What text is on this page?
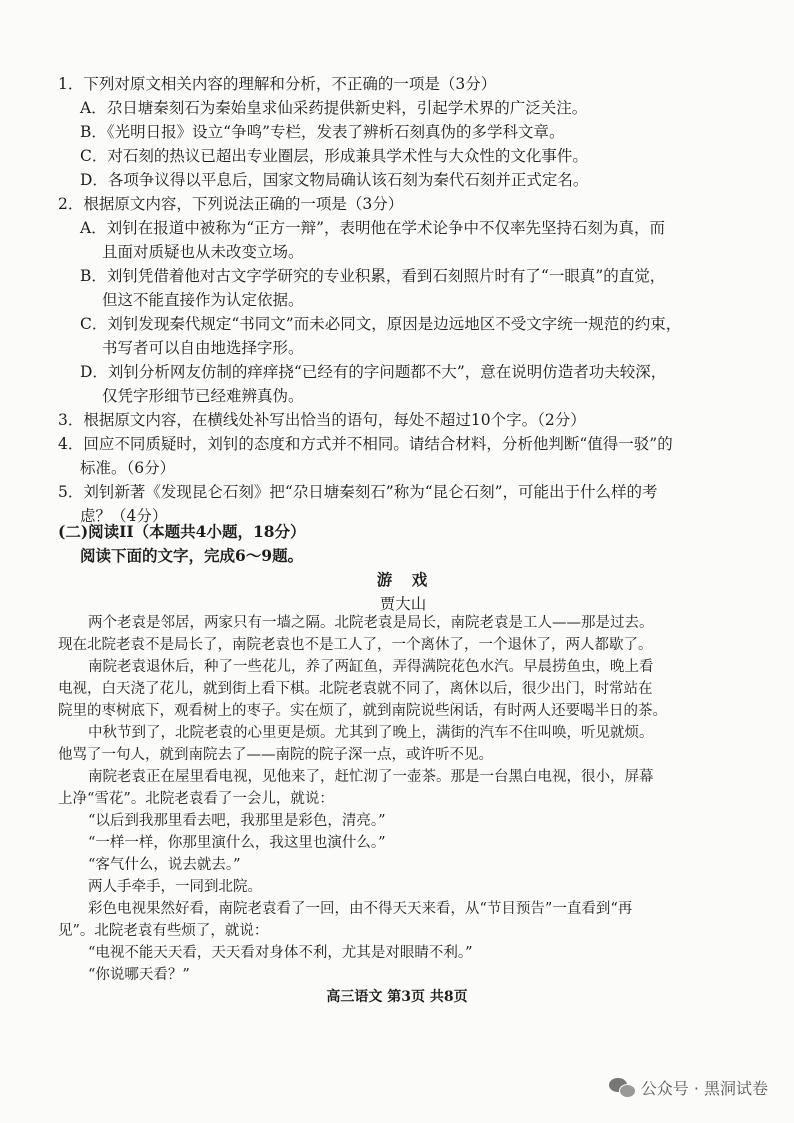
1．下列对原文相关内容的理解和分析，不正确的一项是（3分）
A．尕日塘秦刻石为秦始皇求仙采药提供新史料，引起学术界的广泛关注。
B．《光明日报》设立“争鸣”专栏，发表了辨析石刻真伪的多学科文章。
C．对石刻的热议已超出专业圈层，形成兼具学术性与大众性的文化事件。
D．各项争议得以平息后，国家文物局确认该石刻为秦代石刻并正式定名。
2．根据原文内容，下列说法正确的一项是（3分）
A．刘钊在报道中被称为“正方一辩”，表明他在学术论争中不仅率先坚持石刻为真，而
且面对质疑也从未改变立场。
B．刘钊凭借着他对古文字学研究的专业积累，看到石刻照片时有了“一眼真”的直觉，
但这不能直接作为认定依据。
C．刘钊发现秦代规定“书同文”而未必同文，原因是边远地区不受文字统一规范的约束，
书写者可以自由地选择字形。
D．刘钊分析网友仿制的痒痒挠“已经有的字问题都不大”，意在说明仿造者功夫较深，
仅凭字形细节已经难辨真伪。
3．根据原文内容，在横线处补写出恰当的语句，每处不超过10个字。（2分）
4．回应不同质疑时，刘钊的态度和方式并不相同。请结合材料，分析他判断“值得一驳”的
标准。（6分）
5．刘钊新著《发现昆仑石刻》把“尕日塘秦刻石”称为“昆仑石刻”，可能出于什么样的考
虑？（4分）
(二)阅读II（本题共4小题，18分）
阅读下面的文字，完成6～9题。
游　戏
贾大山
两个老袁是邻居，两家只有一墙之隔。北院老袁是局长，南院老袁是工人——那是过去。
现在北院老袁不是局长了，南院老袁也不是工人了，一个离休了，一个退休了，两人都歇了。
南院老袁退休后，种了一些花儿，养了两缸鱼，弄得满院花色水汽。早晨捞鱼虫，晚上看
电视，白天浇了花儿，就到街上看下棋。北院老袁就不同了，离休以后，很少出门，时常站在
院里的枣树底下，观看树上的枣子。实在烦了，就到南院说些闲话，有时两人还要喝半日的茶。
中秋节到了，北院老袁的心里更是烦。尤其到了晚上，满街的汽车不住叫唤，听见就烦。
他骂了一句人，就到南院去了——南院的院子深一点，或许听不见。
南院老袁正在屋里看电视，见他来了，赶忙沏了一壶茶。那是一台黑白电视，很小，屏幕
上净“雪花”。北院老袁看了一会儿，就说：
“以后到我那里看去吧，我那里是彩色，清亮。”
“一样一样，你那里演什么，我这里也演什么。”
“客气什么，说去就去。”
两人手牵手，一同到北院。
彩色电视果然好看，南院老袁看了一回，由不得天天来看，从“节目预告”一直看到“再
见”。北院老袁有些烦了，就说：
“电视不能天天看，天天看对身体不利，尤其是对眼睛不利。”
“你说哪天看？”
高三语文 第3页 共8页
公众号 · 黑洞试卷
